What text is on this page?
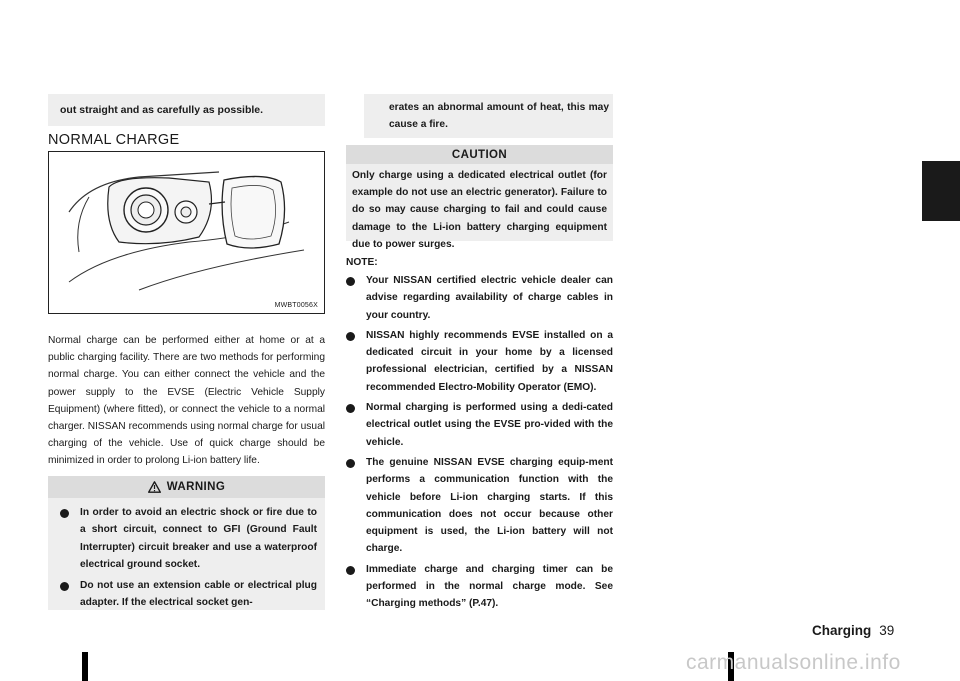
out straight and as carefully as possible.
NORMAL CHARGE
MWBT0056X
Normal charge can be performed either at home or at a public charging facility. There are two methods for performing normal charge. You can either connect the vehicle and the power supply to the EVSE (Electric Vehicle Supply Equipment) (where fitted), or connect the vehicle to a normal charger. NISSAN recommends using normal charge for usual charging of the vehicle. Use of quick charge should be minimized in order to prolong Li-ion battery life.
WARNING
In order to avoid an electric shock or fire due to a short circuit, connect to GFI (Ground Fault Interrupter) circuit breaker and use a waterproof electrical ground socket.
Do not use an extension cable or electrical plug adapter. If the electrical socket gen-
erates an abnormal amount of heat, this may cause a fire.
CAUTION
Only charge using a dedicated electrical outlet (for example do not use an electric generator). Failure to do so may cause charging to fail and could cause damage to the Li-ion battery charging equipment due to power surges.
NOTE:
Your NISSAN certified electric vehicle dealer can advise regarding availability of charge cables in your country.
NISSAN highly recommends EVSE installed on a dedicated circuit in your home by a licensed professional electrician, certified by a NISSAN recommended Electro-Mobility Operator (EMO).
Normal charging is performed using a dedi-cated electrical outlet using the EVSE pro-vided with the vehicle.
The genuine NISSAN EVSE charging equip-ment performs a communication function with the vehicle before Li-ion charging starts. If this communication does not occur because other equipment is used, the Li-ion battery will not charge.
Immediate charge and charging timer can be performed in the normal charge mode. See “Charging methods” (P.47).
Charging 39
carmanualsonline.info
